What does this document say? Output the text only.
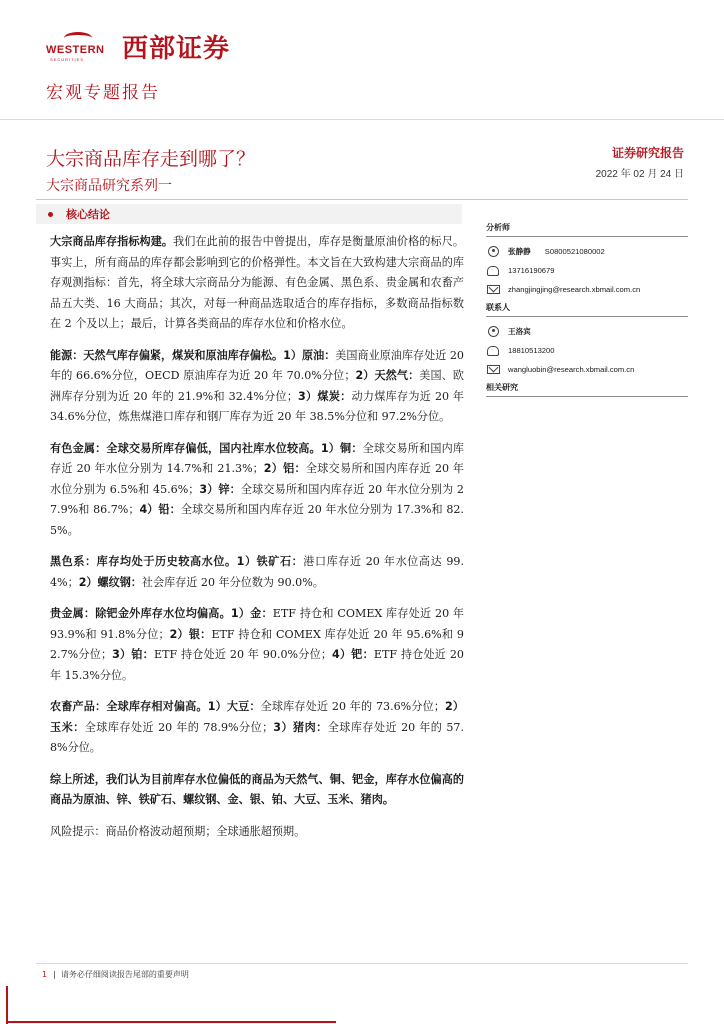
WESTERN
SECURITIES 西部证券
宏观专题报告
大宗商品库存走到哪了？
大宗商品研究系列一
证券研究报告
2022 年 02 月 24 日
核心结论

大宗商品库存指标构建。我们在此前的报告中曾提出，库存是衡量原油价格的标尺。事实上，所有商品的库存都会影响到它的价格弹性。本文旨在大致构建大宗商品的库存观测指标：首先，将全球大宗商品分为能源、有色金属、黑色系、贵金属和农畜产品五大类、16 大商品；其次，对每一种商品选取适合的库存指标，多数商品指标数在 2 个及以上；最后，计算各类商品的库存水位和价格水位。

能源：天然气库存偏紧，煤炭和原油库存偏松。1）原油：美国商业原油库存处近 20 年的 66.6%分位，OECD 原油库存为近 20 年 70.0%分位；2）天然气：美国、欧洲库存分别为近 20 年的 21.9%和 32.4%分位；3）煤炭：动力煤库存为近 20 年 34.6%分位，炼焦煤港口库存和钢厂库存为近 20 年 38.5%分位和 97.2%分位。

有色金属：全球交易所库存偏低，国内社库水位较高。1）铜：全球交易所和国内库存近 20 年水位分别为 14.7%和 21.3%；2）铝：全球交易所和国内库存近 20 年水位分别为 6.5%和 45.6%；3）锌：全球交易所和国内库存近 20 年水位分别为 27.9%和 86.7%；4）铅：全球交易所和国内库存近 20 年水位分别为 17.3%和 82.5%。

黑色系：库存均处于历史较高水位。1）铁矿石：港口库存近 20 年水位高达 99.4%；2）螺纹钢：社会库存近 20 年分位数为 90.0%。

贵金属：除钯金外库存水位均偏高。1）金：ETF 持仓和 COMEX 库存处近 20 年 93.9%和 91.8%分位；2）银：ETF 持仓和 COMEX 库存处近 20 年 95.6%和 92.7%分位；3）铂：ETF 持仓处近 20 年 90.0%分位；4）钯：ETF 持仓处近 20 年 15.3%分位。

农畜产品：全球库存相对偏高。1）大豆：全球库存处近 20 年的 73.6%分位；2）玉米：全球库存处近 20 年的 78.9%分位；3）猪肉：全球库存处近 20 年的 57.8%分位。

综上所述，我们认为目前库存水位偏低的商品为天然气、铜、钯金，库存水位偏高的商品为原油、锌、铁矿石、螺纹钢、金、银、铂、大豆、玉米、猪肉。

风险提示：商品价格波动超预期；全球通胀超预期。

分析师
张静静 S0800521080002
13716190679
zhangjingjing@research.xbmail.com.cn
联系人
王洛宾
18810513200
wangluobin@research.xbmail.com.cn
相关研究
1 |  请务必仔细阅读报告尾部的重要声明
